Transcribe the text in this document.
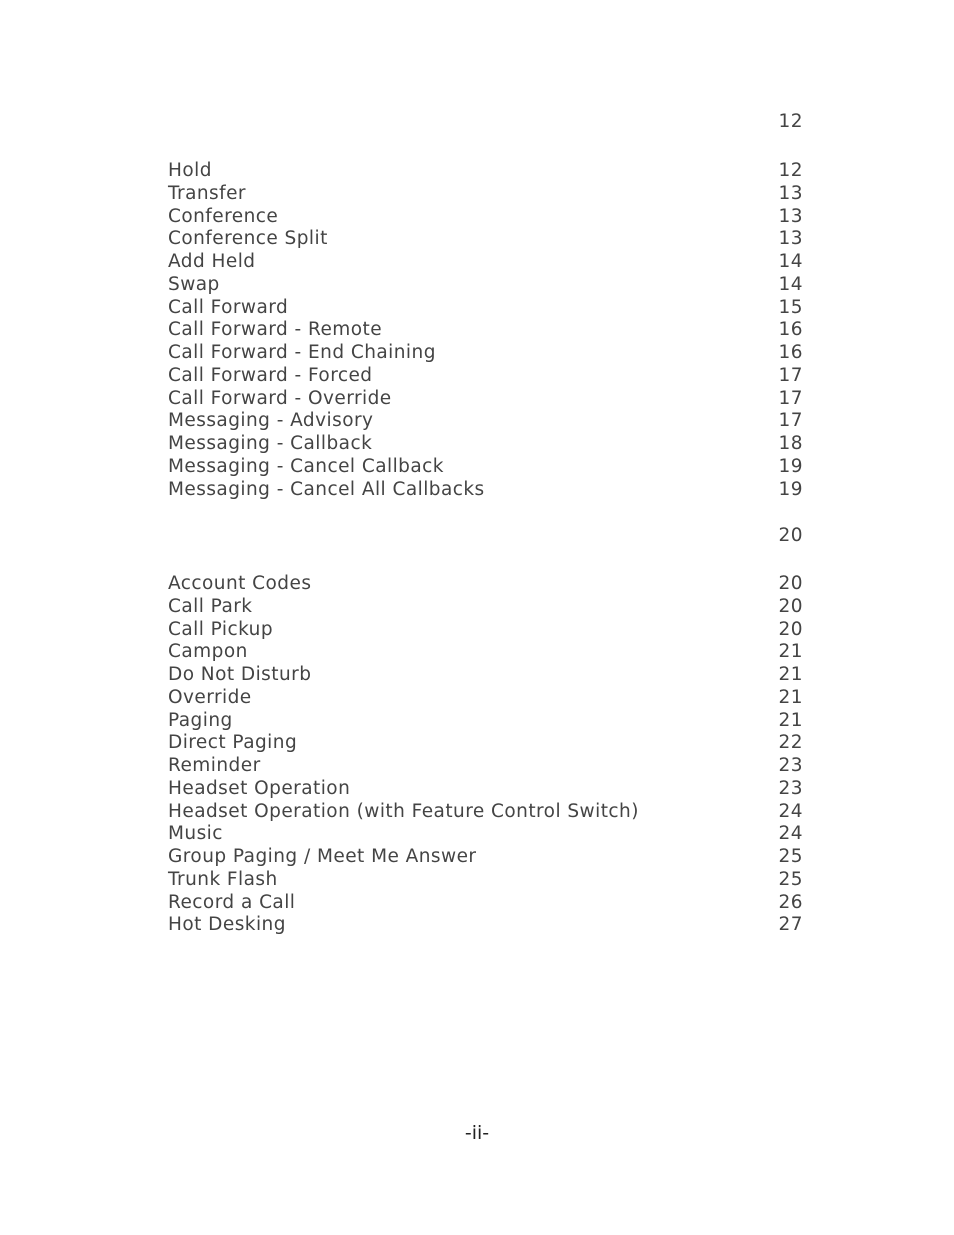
12
Hold	12
Transfer	13
Conference	13
Conference Split	13
Add Held	14
Swap	14
Call Forward	15
Call Forward - Remote	16
Call Forward - End Chaining	16
Call Forward - Forced	17
Call Forward - Override	17
Messaging - Advisory	17
Messaging - Callback	18
Messaging - Cancel Callback	19
Messaging - Cancel All Callbacks	19
20
Account Codes	20
Call Park	20
Call Pickup	20
Campon	21
Do Not Disturb	21
Override	21
Paging	21
Direct Paging	22
Reminder	23
Headset Operation	23
Headset Operation (with Feature Control Switch)	24
Music	24
Group Paging / Meet Me Answer	25
Trunk Flash	25
Record a Call	26
Hot Desking	27
-ii-
